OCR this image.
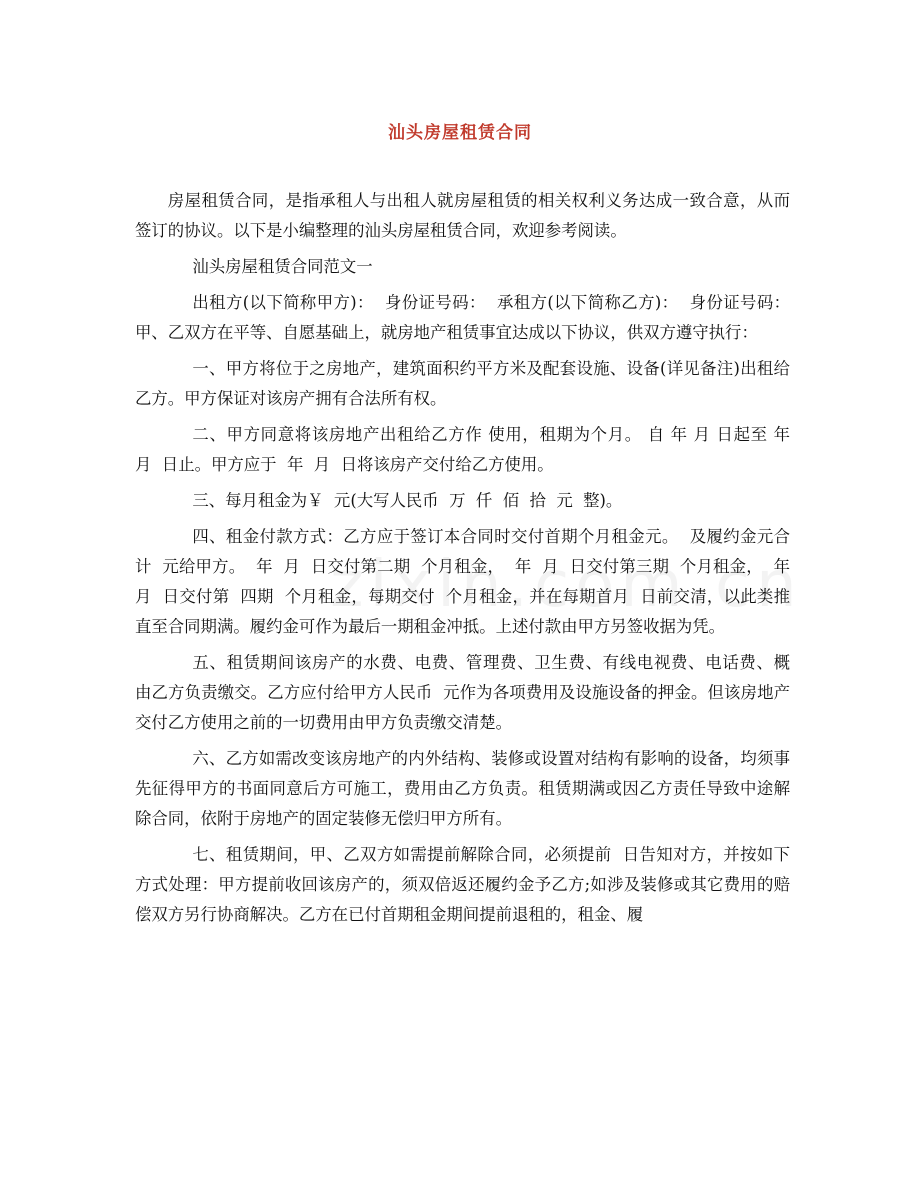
汕头房屋租赁合同

房屋租赁合同，是指承租人与出租人就房屋租赁的相关权利义务达成一致合意，从而签订的协议。以下是小编整理的汕头房屋租赁合同，欢迎参考阅读。

汕头房屋租赁合同范文一

出租方(以下简称甲方)：  身份证号码：  承租方(以下简称乙方)：  身份证号码：甲、乙双方在平等、自愿基础上，就房地产租赁事宜达成以下协议，供双方遵守执行：

一、甲方将位于之房地产，建筑面积约平方米及配套设施、设备(详见备注)出租给乙方。甲方保证对该房产拥有合法所有权。

二、甲方同意将该房地产出租给乙方作 使用，租期为个月。 自 年 月 日起至 年  月  日止。甲方应于  年  月  日将该房产交付给乙方使用。

三、每月租金为￥  元(大写人民币  万  仟  佰  拾  元  整)。

四、租金付款方式：乙方应于签订本合同时交付首期个月租金元。  及履约金元合计  元给甲方。  年  月  日交付第二期  个月租金，  年  月  日交付第三期  个月租金，  年  月  日交付第  四期  个月租金，每期交付  个月租金，并在每期首月  日前交清，以此类推直至合同期满。履约金可作为最后一期租金冲抵。上述付款由甲方另签收据为凭。

五、租赁期间该房产的水费、电费、管理费、卫生费、有线电视费、电话费、概  由乙方负责缴交。乙方应付给甲方人民币  元作为各项费用及设施设备的押金。但该房地产交付乙方使用之前的一切费用由甲方负责缴交清楚。

六、乙方如需改变该房地产的内外结构、装修或设置对结构有影响的设备，均须事先征得甲方的书面同意后方可施工，费用由乙方负责。租赁期满或因乙方责任导致中途解除合同，依附于房地产的固定装修无偿归甲方所有。

七、租赁期间，甲、乙双方如需提前解除合同，必须提前  日告知对方，并按如下方式处理：甲方提前收回该房产的，须双倍返还履约金予乙方;如涉及装修或其它费用的赔偿双方另行协商解决。乙方在已付首期租金期间提前退租的，租金、履
